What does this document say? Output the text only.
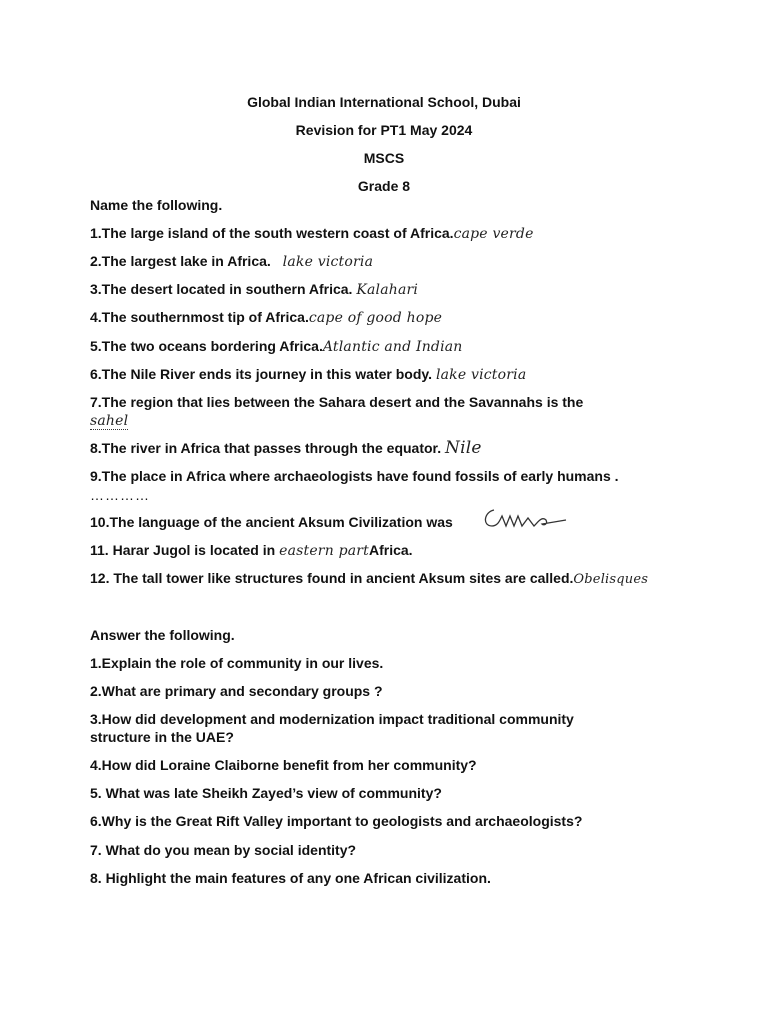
Global Indian International School, Dubai
Revision for PT1 May 2024
MSCS
Grade 8
Name the following.
1.The large island of the south western coast of Africa.cape verde
2.The largest lake in Africa. lake victoria
3.The desert located in southern Africa. Kalahari
4.The southernmost tip of Africa.cape of good hope
5.The two oceans bordering Africa.Atlantic and Indian
6.The Nile River ends its journey in this water body. lake victoria
7.The region that lies between the Sahara desert and the Savannahs is the
sahel
8.The river in Africa that passes through the equator. Nile
9.The place in Africa where archaeologists have found fossils of early humans .
…………
10.The language of the ancient Aksum Civilization was
11. Harar Jugol is located in eastern partAfrica.
12. The tall tower like structures found in ancient Aksum sites are called.Obelisques
Answer the following.
1.Explain the role of community in our lives.
2.What are primary and secondary groups ?
3.How did development and modernization impact traditional community
structure in the UAE?
4.How did Loraine Claiborne benefit from her community?
5. What was late Sheikh Zayed’s view of community?
6.Why is the Great Rift Valley important to geologists and archaeologists?
7. What do you mean by social identity?
8. Highlight the main features of any one African civilization.
